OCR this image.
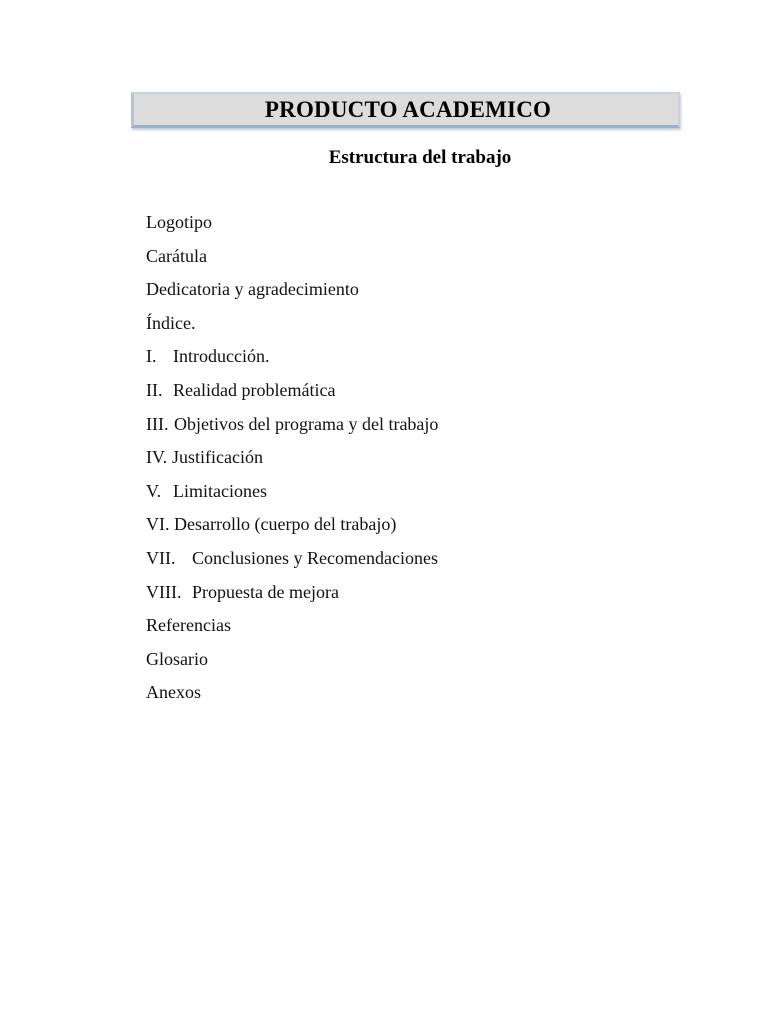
PRODUCTO ACADEMICO
Estructura del trabajo
Logotipo
Carátula
Dedicatoria y agradecimiento
Índice.
I. Introducción.
II. Realidad problemática
III. Objetivos del programa y del trabajo
IV. Justificación
V. Limitaciones
VI. Desarrollo (cuerpo del trabajo)
VII. Conclusiones y Recomendaciones
VIII. Propuesta de mejora
Referencias
Glosario
Anexos
